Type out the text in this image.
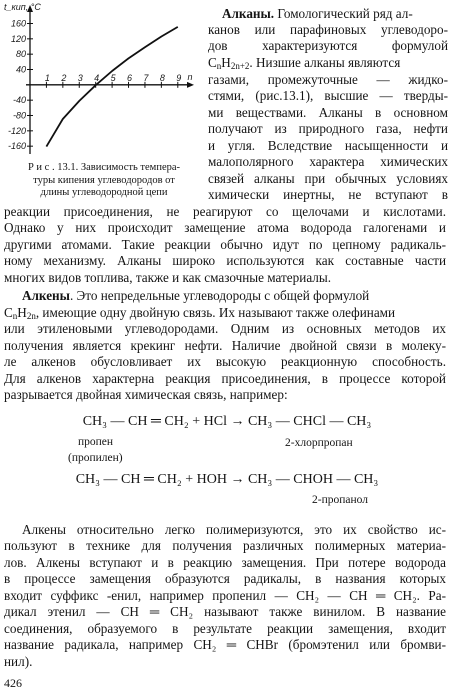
160
120
80
40
-40
-80
-120
-160
1 2 3 4 5 6 7 8 9 n
t_кип, °C
Р и с . 13.1. Зависимость темпера-
туры кипения углеводородов от
длины углеводородной цепи
Алканы. Гомологический ряд ал-
канов или парафиновых углеводоро-
дов характеризуются формулой
$C_nH_{2n+2}$. Низшие алканы являются
газами, промежуточные — жидко-
стями, (рис.13.1), высшие — тверды-
ми веществами. Алканы в основном
получают из природного газа, нефти
и угля. Вследствие насыщенности и
малополярного характера химических
связей алканы при обычных условиях
химически инертны, не вступают в
реакции присоединения, не реагируют со щелочами и кислотами.
Однако у них происходит замещение атома водорода галогенами и
другими атомами. Такие реакции обычно идут по цепному радикаль-
ному механизму. Алканы широко используются как составные части
многих видов топлива, также и как смазочные материалы.
Алкены. Это непредельные углеводороды с общей формулой
$C_nH_{2n}$, имеющие одну двойную связь. Их называют также олефинами
или этиленовыми углеводородами. Одним из основных методов их
получения является крекинг нефти. Наличие двойной связи в молеку-
ле алкенов обусловливает их высокую реакционную способность.
Для алкенов характерна реакция присоединения, в процессе которой
разрывается двойная химическая связь, например:
CH₃ — CH ═ CH₂ + HCl → CH₃ — CHCl — CH₃
пропен
(пропилен)
2-хлорпропан
CH₃ — CH ═ CH₂ + HOH → CH₃ — CHOH — CH₃
2-пропанол
Алкены относительно легко полимеризуются, это их свойство ис-
пользуют в технике для получения различных полимерных материа-
лов. Алкены вступают и в реакцию замещения. При потере водорода
в процессе замещения образуются радикалы, в названия которых
входит суффикс -енил, например пропенил — CH₂ — CH ═ CH₂. Ра-
дикал этенил — CH ═ CH₂ называют также винилом. В название
соединения, образуемого в результате реакции замещения, входит
название радикала, например CH₂ ═ CHBr (бромэтенил или бромви-
нил).
426
